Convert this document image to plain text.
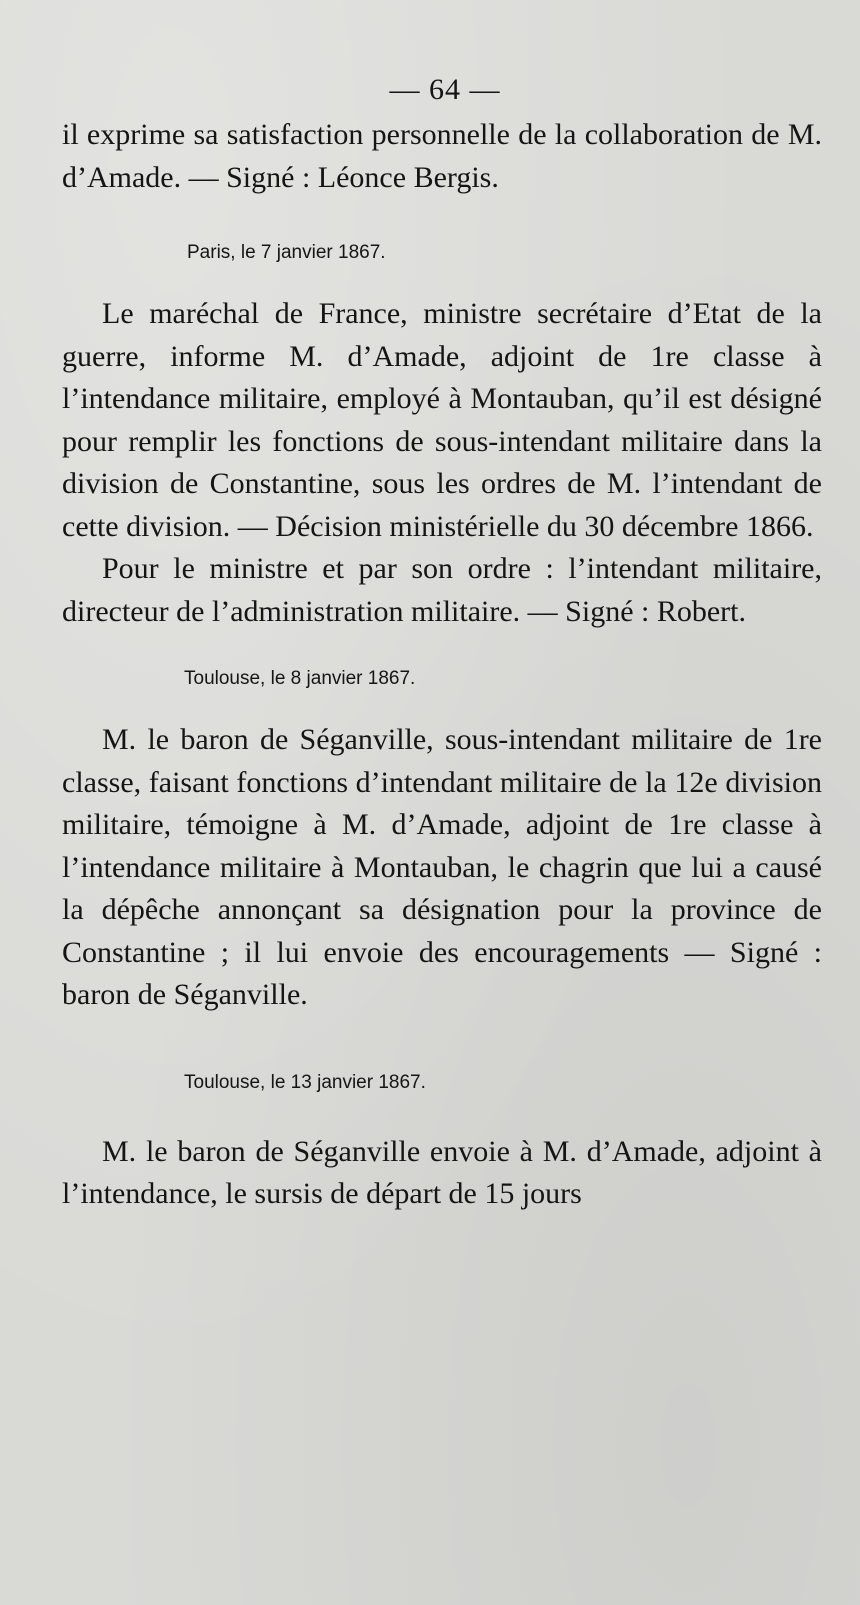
— 64 —

il exprime sa satisfaction personnelle de la collaboration de M. d’Amade. — Signé : Léonce Bergis.

Paris, le 7 janvier 1867.

Le maréchal de France, ministre secrétaire d’Etat de la guerre, informe M. d’Amade, adjoint de 1re classe à l’intendance militaire, employé à Montauban, qu’il est désigné pour remplir les fonctions de sous-intendant militaire dans la division de Constantine, sous les ordres de M. l’intendant de cette division. — Décision ministérielle du 30 décembre 1866.

Pour le ministre et par son ordre : l’intendant militaire, directeur de l’administration militaire. — Signé : Robert.

Toulouse, le 8 janvier 1867.

M. le baron de Séganville, sous-intendant militaire de 1re classe, faisant fonctions d’intendant militaire de la 12e division militaire, témoigne à M. d’Amade, adjoint de 1re classe à l’intendance militaire à Montauban, le chagrin que lui a causé la dépêche annonçant sa désignation pour la province de Constantine ; il lui envoie des encouragements — Signé : baron de Séganville.

Toulouse, le 13 janvier 1867.

M. le baron de Séganville envoie à M. d’Amade, adjoint à l’intendance, le sursis de départ de 15 jours
